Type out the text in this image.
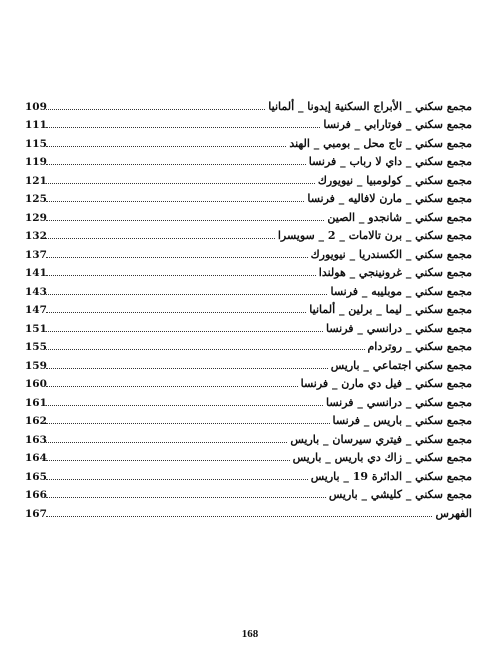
109	مجمع سكني _ الأبراج السكنية إيدونا _ ألمانيا
111	مجمع سكني _ فوتارابي _ فرنسا
115	مجمع سكني _ تاج محل _ بومبي _ الهند
119	مجمع سكني _ داي لا رباب _ فرنسا
121	مجمع سكني _ كولومبيا _ نيويورك
125	مجمع سكني _ مارن لافاليه _ فرنسا
129	مجمع سكني _ شانجدو _ الصين
132	مجمع سكني _ برن تالامات _ 2 _ سويسرا
137	مجمع سكني _ الكسندريا _ نيويورك
141	مجمع سكني _ غرونينجي _ هولندا
143	مجمع سكني _ موبليبه _ فرنسا
147	مجمع سكني _ ليما _ برلين _ ألمانيا
151	مجمع سكني _ درانسي _ فرنسا
155	مجمع سكني _ روتردام
159	مجمع سكني اجتماعي _ باريس
160	مجمع سكني _ فيل دي مارن _ فرنسا
161	مجمع سكني _ درانسي _ فرنسا
162	مجمع سكني _ باريس _ فرنسا
163	مجمع سكني _ فيتري سيرسان _ باريس
164	مجمع سكني _ زاك دي باريس _ باريس
165	مجمع سكني _ الدائرة 19 _ باريس
166	مجمع سكني _ كليشي _ باريس
167	الفهرس
168
